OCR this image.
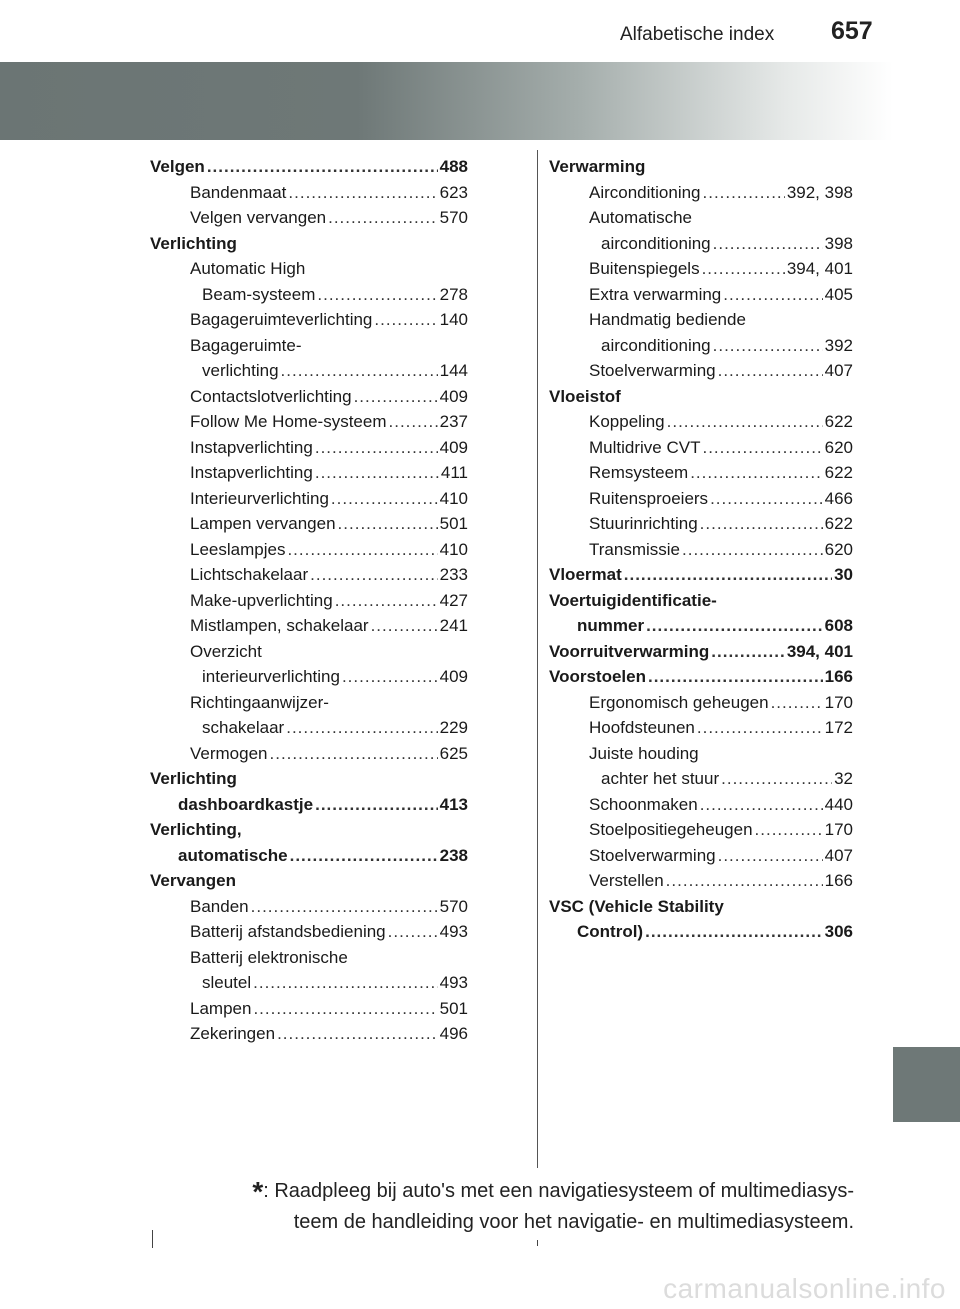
Alfabetische index 657
Velgen .....	488
Bandenmaat .....	623
Velgen vervangen .....	570
Verlichting
Automatic High
Beam-systeem .....	278
Bagageruimteverlichting .....	140
Bagageruimte-
verlichting .....	144
Contactslotverlichting .....	409
Follow Me Home-systeem .....	237
Instapverlichting .....	409
Instapverlichting .....	411
Interieurverlichting .....	410
Lampen vervangen .....	501
Leeslampjes .....	410
Lichtschakelaar .....	233
Make-upverlichting .....	427
Mistlampen, schakelaar .....	241
Overzicht
interieurverlichting .....	409
Richtingaanwijzer-
schakelaar .....	229
Vermogen .....	625
Verlichting
dashboardkastje .....	413
Verlichting,
automatische .....	238
Vervangen
Banden .....	570
Batterij afstandsbediening .....	493
Batterij elektronische
sleutel .....	493
Lampen .....	501
Zekeringen .....	496
Verwarming
Airconditioning .....	392, 398
Automatische
airconditioning .....	398
Buitenspiegels .....	394, 401
Extra verwarming .....	405
Handmatig bediende
airconditioning .....	392
Stoelverwarming .....	407
Vloeistof
Koppeling .....	622
Multidrive CVT .....	620
Remsysteem .....	622
Ruitensproeiers .....	466
Stuurinrichting .....	622
Transmissie .....	620
Vloermat .....	30
Voertuigidentificatie-
nummer .....	608
Voorruitverwarming .....	394, 401
Voorstoelen .....	166
Ergonomisch geheugen .....	170
Hoofdsteunen .....	172
Juiste houding
achter het stuur .....	32
Schoonmaken .....	440
Stoelpositiegeheugen .....	170
Stoelverwarming .....	407
Verstellen .....	166
VSC (Vehicle Stability
Control) .....	306
*: Raadpleeg bij auto's met een navigatiesysteem of multimediasys-
teem de handleiding voor het navigatie- en multimediasysteem.
carmanualsonline.info
